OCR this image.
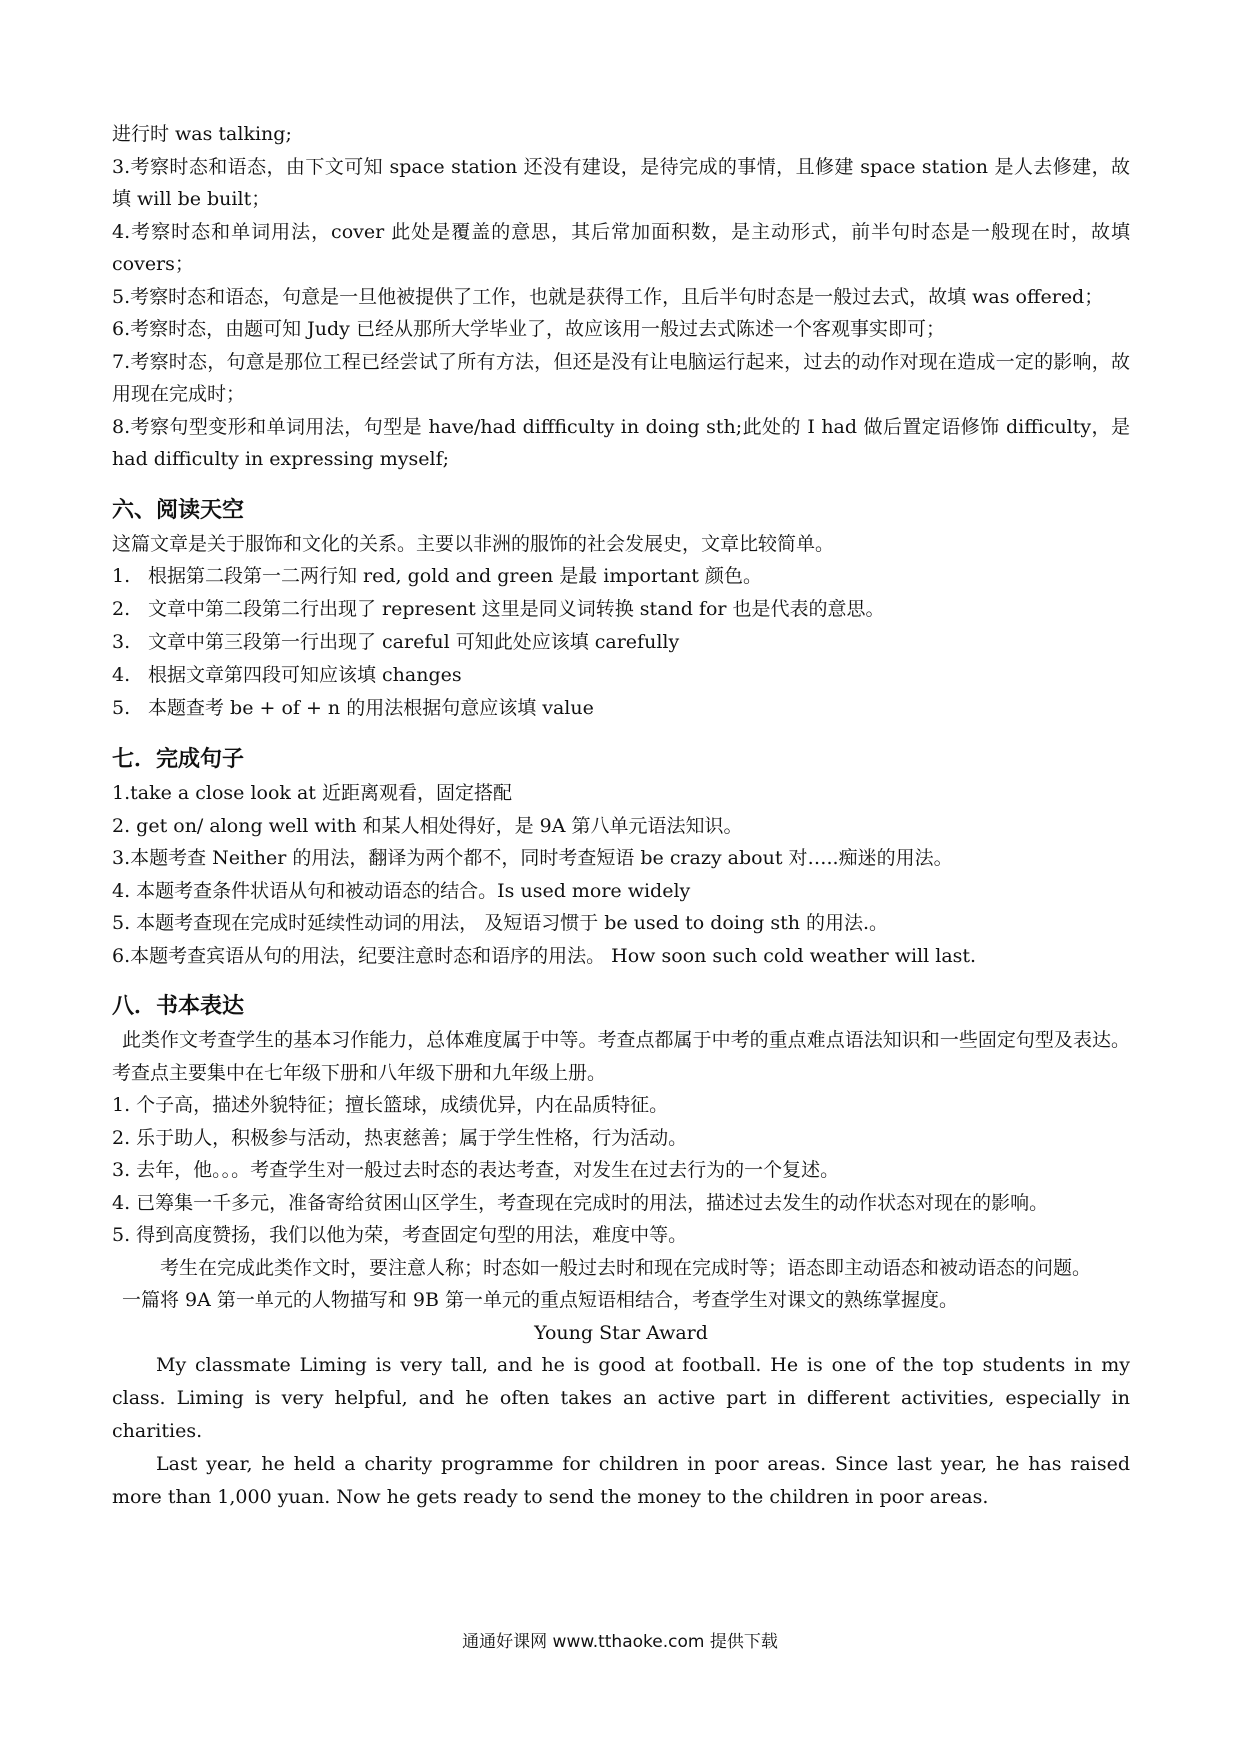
进行时 was talking;
3.考察时态和语态，由下文可知 space station 还没有建设，是待完成的事情，且修建 space station 是人去修建，故填 will be built；
4.考察时态和单词用法，cover 此处是覆盖的意思，其后常加面积数，是主动形式，前半句时态是一般现在时，故填 covers；
5.考察时态和语态，句意是一旦他被提供了工作，也就是获得工作，且后半句时态是一般过去式，故填 was offered；
6.考察时态，由题可知 Judy 已经从那所大学毕业了，故应该用一般过去式陈述一个客观事实即可；
7.考察时态，句意是那位工程已经尝试了所有方法，但还是没有让电脑运行起来，过去的动作对现在造成一定的影响，故用现在完成时；
8.考察句型变形和单词用法，句型是 have/had diffficulty in doing sth;此处的 I had 做后置定语修饰 difficulty，是 had difficulty in expressing myself;
六、阅读天空
这篇文章是关于服饰和文化的关系。主要以非洲的服饰的社会发展史，文章比较简单。
1. 根据第二段第一二两行知 red, gold and green 是最 important 颜色。
2. 文章中第二段第二行出现了 represent 这里是同义词转换 stand for 也是代表的意思。
3. 文章中第三段第一行出现了 careful 可知此处应该填 carefully
4. 根据文章第四段可知应该填 changes
5. 本题查考 be + of + n 的用法根据句意应该填 value
七．完成句子
1.take a close look at 近距离观看，固定搭配
2. get on/ along well with 和某人相处得好，是 9A 第八单元语法知识。
3.本题考查 Neither 的用法，翻译为两个都不，同时考查短语 be crazy about 对…..痴迷的用法。
4. 本题考查条件状语从句和被动语态的结合。Is used more widely
5. 本题考查现在完成时延续性动词的用法， 及短语习惯于 be used to doing sth 的用法.。
6.本题考查宾语从句的用法，纪要注意时态和语序的用法。 How soon such cold weather will last.
八．书本表达
此类作文考查学生的基本习作能力，总体难度属于中等。考查点都属于中考的重点难点语法知识和一些固定句型及表达。考查点主要集中在七年级下册和八年级下册和九年级上册。
1. 个子高，描述外貌特征；擅长篮球，成绩优异，内在品质特征。
2. 乐于助人，积极参与活动，热衷慈善；属于学生性格，行为活动。
3. 去年，他。。。考查学生对一般过去时态的表达考查，对发生在过去行为的一个复述。
4. 已筹集一千多元，准备寄给贫困山区学生，考查现在完成时的用法，描述过去发生的动作状态对现在的影响。
5. 得到高度赞扬，我们以他为荣，考查固定句型的用法，难度中等。
考生在完成此类作文时，要注意人称；时态如一般过去时和现在完成时等；语态即主动语态和被动语态的问题。
一篇将 9A 第一单元的人物描写和 9B 第一单元的重点短语相结合，考查学生对课文的熟练掌握度。
Young Star Award
My classmate Liming is very tall, and he is good at football. He is one of the top students in my class. Liming is very helpful, and he often takes an active part in different activities, especially in charities.
Last year, he held a charity programme for children in poor areas. Since last year, he has raised more than 1,000 yuan. Now he gets ready to send the money to the children in poor areas.
通通好课网 www.tthaoke.com 提供下载
